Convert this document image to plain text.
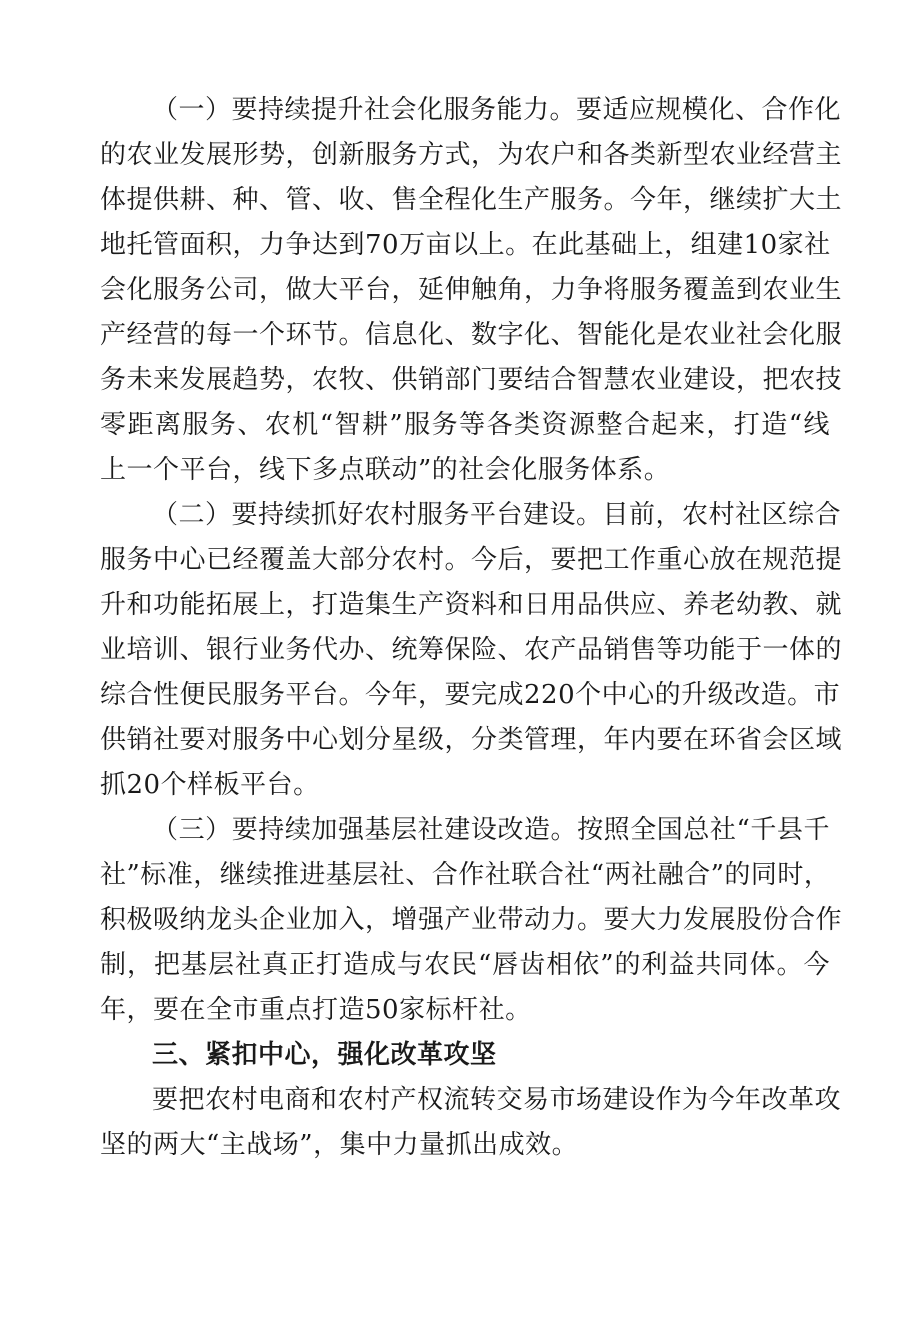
（一）要持续提升社会化服务能力。要适应规模化、合作化
的农业发展形势，创新服务方式，为农户和各类新型农业经营主
体提供耕、种、管、收、售全程化生产服务。今年，继续扩大土
地托管面积，力争达到70万亩以上。在此基础上，组建10家社
会化服务公司，做大平台，延伸触角，力争将服务覆盖到农业生
产经营的每一个环节。信息化、数字化、智能化是农业社会化服
务未来发展趋势，农牧、供销部门要结合智慧农业建设，把农技
零距离服务、农机“智耕”服务等各类资源整合起来，打造“线
上一个平台，线下多点联动”的社会化服务体系。

（二）要持续抓好农村服务平台建设。目前，农村社区综合
服务中心已经覆盖大部分农村。今后，要把工作重心放在规范提
升和功能拓展上，打造集生产资料和日用品供应、养老幼教、就
业培训、银行业务代办、统筹保险、农产品销售等功能于一体的
综合性便民服务平台。今年，要完成220个中心的升级改造。市
供销社要对服务中心划分星级，分类管理，年内要在环省会区域
抓20个样板平台。

（三）要持续加强基层社建设改造。按照全国总社“千县千
社”标准，继续推进基层社、合作社联合社“两社融合”的同时，
积极吸纳龙头企业加入，增强产业带动力。要大力发展股份合作
制，把基层社真正打造成与农民“唇齿相依”的利益共同体。今
年，要在全市重点打造50家标杆社。

三、紧扣中心，强化改革攻坚

要把农村电商和农村产权流转交易市场建设作为今年改革攻
坚的两大“主战场”，集中力量抓出成效。
